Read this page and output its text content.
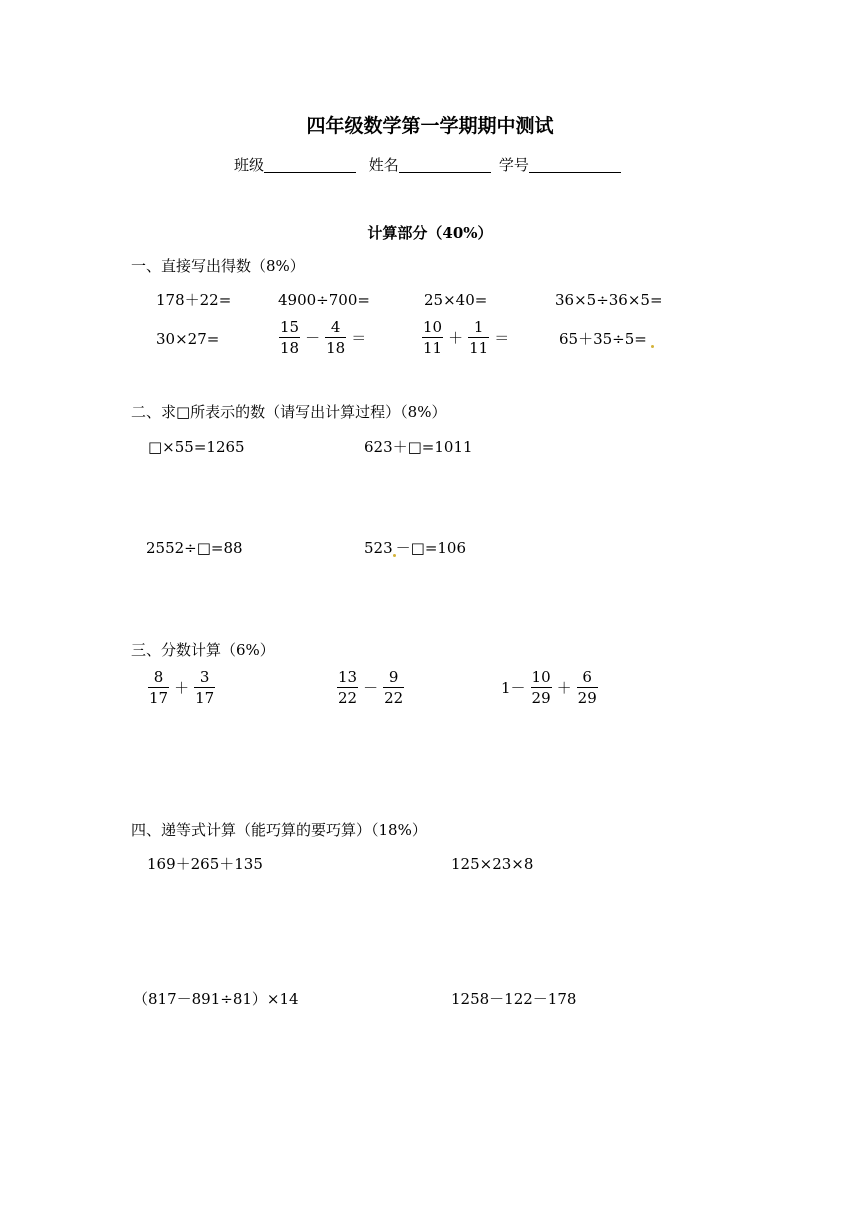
四年级数学第一学期期中测试
班级	姓名	学号
计算部分（40%）
一、直接写出得数（8%）
178＋22=	4900÷700=	25×40=	36×5÷36×5=
30×27=	$\frac{15}{18} - \frac{4}{18}$ ＝	$\frac{10}{11} + \frac{1}{11}$ ＝	65＋35÷5=
二、求□所表示的数（请写出计算过程）（8%）
□×55=1265	623＋□=1011
2552÷□=88	523 －□=106
三、分数计算（6%）
$\frac{8}{17} + \frac{3}{17}$	$\frac{13}{22} - \frac{9}{22}$	$1- \frac{10}{29} + \frac{6}{29}$
四、递等式计算（能巧算的要巧算）（18%）
169＋265＋135	125×23×8
（817－891÷81）×14	1258－122－178
